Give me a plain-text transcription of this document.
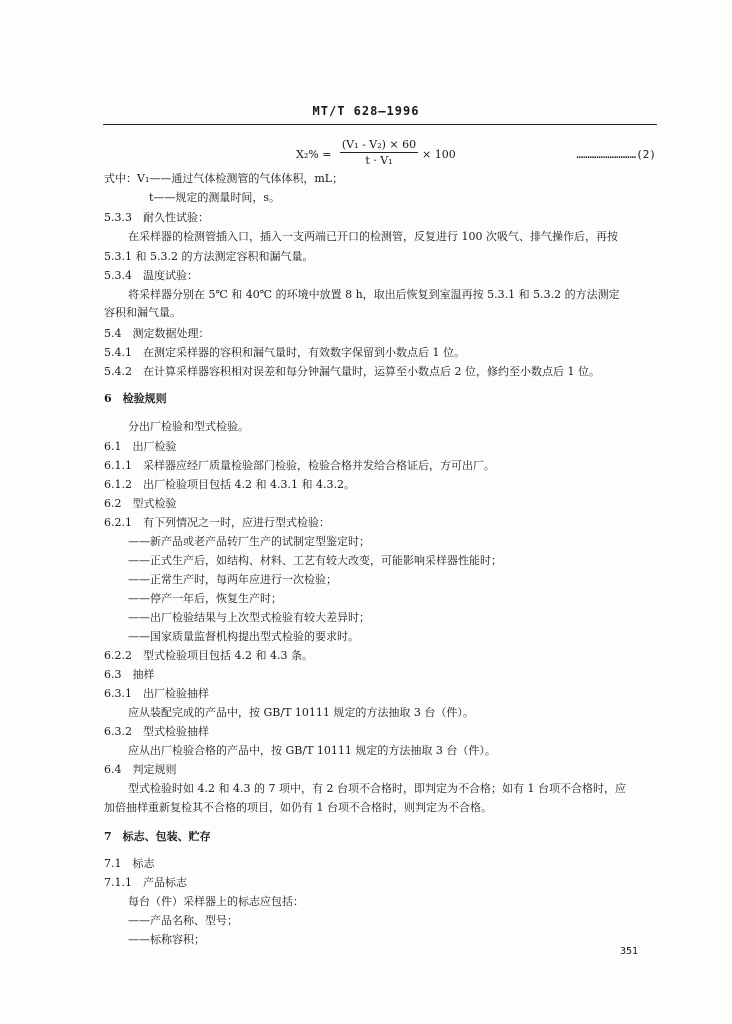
MT/T 628—1996
$X_2\% = \frac{\text{(V₁ - V₂) × 60}}{\text{t · V₁}} \times 100$	………………………(2)
式中：V₁——通过气体检测管的气体体积，mL；
t——规定的测量时间，s。
5.3.3　耐久性试验：
在采样器的检测管插入口，插入一支两端已开口的检测管，反复进行 100 次吸气、排气操作后，再按
5.3.1 和 5.3.2 的方法测定容积和漏气量。
5.3.4　温度试验：
将采样器分别在 5℃ 和 40℃ 的环境中放置 8 h，取出后恢复到室温再按 5.3.1 和 5.3.2 的方法测定
容积和漏气量。
5.4　测定数据处理：
5.4.1　在测定采样器的容积和漏气量时，有效数字保留到小数点后 1 位。
5.4.2　在计算采样器容积相对误差和每分钟漏气量时，运算至小数点后 2 位，修约至小数点后 1 位。
6　检验规则
分出厂检验和型式检验。
6.1　出厂检验
6.1.1　采样器应经厂质量检验部门检验，检验合格并发给合格证后，方可出厂。
6.1.2　出厂检验项目包括 4.2 和 4.3.1 和 4.3.2。
6.2　型式检验
6.2.1　有下列情况之一时，应进行型式检验：
——新产品或老产品转厂生产的试制定型鉴定时；
——正式生产后，如结构、材料、工艺有较大改变，可能影响采样器性能时；
——正常生产时，每两年应进行一次检验；
——停产一年后，恢复生产时；
——出厂检验结果与上次型式检验有较大差异时；
——国家质量监督机构提出型式检验的要求时。
6.2.2　型式检验项目包括 4.2 和 4.3 条。
6.3　抽样
6.3.1　出厂检验抽样
应从装配完成的产品中，按 GB/T 10111 规定的方法抽取 3 台（件）。
6.3.2　型式检验抽样
应从出厂检验合格的产品中，按 GB/T 10111 规定的方法抽取 3 台（件）。
6.4　判定规则
型式检验时如 4.2 和 4.3 的 7 项中，有 2 台项不合格时，即判定为不合格；如有 1 台项不合格时，应
加倍抽样重新复检其不合格的项目，如仍有 1 台项不合格时，则判定为不合格。
7　标志、包装、贮存
7.1　标志
7.1.1　产品标志
每台（件）采样器上的标志应包括：
——产品名称、型号；
——标称容积；
351
